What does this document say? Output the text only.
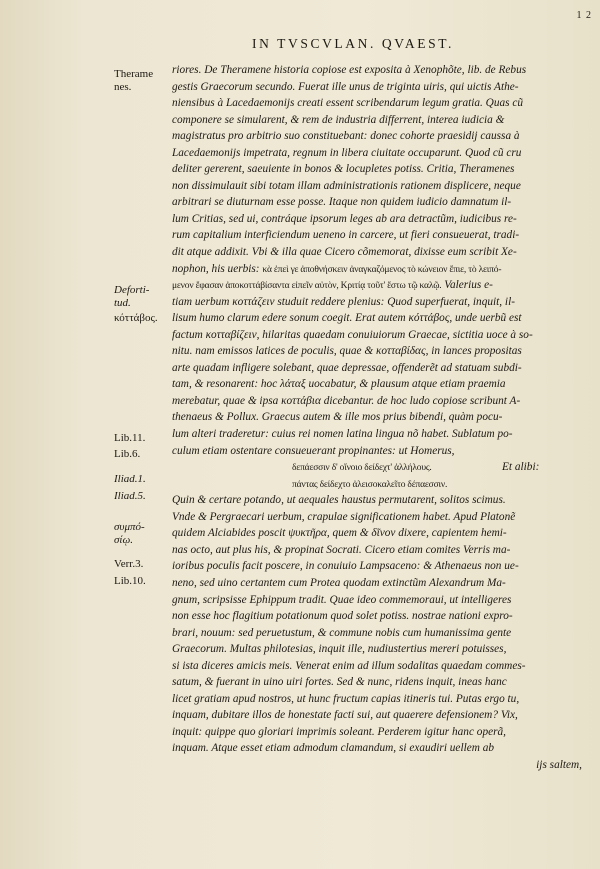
1 2
IN TVSCVLAN. QVAEST.
Therame nes.
Deforti- tud.
κόττάβος.
Lib.11.
Lib.6.
Iliad.1.
Iliad.5.
συμπό- σίῳ.
Verr.3.
Lib.10.
riores. De Theramene historia copiose est exposita à Xenophõte, lib. de Rebus
gestis Graecorum secundo. Fuerat ille unus de triginta uiris, qui uictis Athe-
niensibus à Lacedaemonijs creati essent scribendarum legum gratia. Quas cũ
componere se simularent, & rem de industria differrent, interea iudicia &
magistratus pro arbitrio suo constituebant: donec cohorte praesidij caussa à
Lacedaemonijs impetrata, regnum in libera ciuitate occuparunt. Quod cũ cru
deliter gererent, saeuiente in bonos & locupletes potiss. Critia, Theramenes
non dissimulauit sibi totam illam administrationis rationem displicere, neque
arbitrari se diuturnam esse posse. Itaque non quidem iudicio damnatum il-
lum Critias, sed ui, contráque ipsorum leges ab ara detractũm, iudicibus re-
rum capitalium interficiendum ueneno in carcere, ut fieri consueuerat, tradi-
dit atque addixit. Vbi & illa quae Cicero cõmemorat, dixisse eum scribit Xe-
nophon, his uerbis: κὰ ἐπεὶ γε ἀποθνήσκειν ἀναγκαζόμενος τὸ κώνειον ἔπιε, τὸ λειπό-
μενον ἔφασαν ἀποκοττάβίσαντα εἰπεῖν αὐτὸν, Κριτίᾳ τοῦτ' ἔστω τῷ καλῷ. Valerius e-
tiam uerbum κοττάζειν studuit reddere plenius: Quod superfuerat, inquit, il-
lisum humo clarum edere sonum coegit. Erat autem κόττάβος, unde uerbũ est
factum κοτταβίζειν, hilaritas quaedam conuiuiorum Graecae, sictitia uoce à so-
nitu. nam emissos latices de poculis, quae & κοτταβίδας, in lances propositas
arte quadam infligere solebant, quae depressae, offenderẽt ad statuam subdi-
tam, & resonarent: hoc λάταξ uocabatur, & plausum atque etiam praemia
merebatur, quae & ipsa κοττάβια dicebantur. de hoc ludo copiose scribunt A-
thenaeus & Pollux. Graecus autem & ille mos prius bibendi, quàm pocu-
lum alteri traderetur: cuius rei nomen latina lingua nõ habet. Sublatum po-
culum etiam ostentare consueuerant propinantes: ut Homerus,
δεπάεσσιν δ' οἴνοιο δείδεχτ' ἀλλήλους.	Et alibi:
πάντας δείδεχτο ἀλεισοκαλεῖτο δέπαεσσιν.
Quin & certare potando, ut aequales haustus permutarent, solitos scimus.
Vnde & Pergraecari uerbum, crapulae significationem habet. Apud Platonẽ
quidem Alciabides poscit ψυκτῆρα, quem & δῖνον dixere, capientem hemi-
nas octo, aut plus his, & propinat Socrati. Cicero etiam comites Verris ma-
ioribus poculis facit poscere, in conuiuio Lampsaceno: & Athenaeus non ue-
neno, sed uino certantem cum Protea quodam extinctũm Alexandrum Ma-
gnum, scripsisse Ephippum tradit. Quae ideo commemoraui, ut intelligeres
non esse hoc flagitium potationum quod solet potiss. nostrae nationi expro-
brari, nouum: sed peruetustum, & commune nobis cum humanissima gente
Graecorum. Multas philotesias, inquit ille, nudiustertius mereri potuisses,
si ista diceres amicis meis. Venerat enim ad illum sodalitas quaedam commes-
satum, & fuerant in uino uiri fortes. Sed & nunc, ridens inquit, ineas hanc
licet gratiam apud nostros, ut hunc fructum capias itineris tui. Putas ergo tu,
inquam, dubitare illos de honestate facti sui, aut quaerere defensionem? Vix,
inquit: quippe quo gloriari imprimis soleant. Perderem igitur hanc operã,
inquam. Atque esset etiam admodum clamandum, si exaudiri uellem ab
ijs saltem,
